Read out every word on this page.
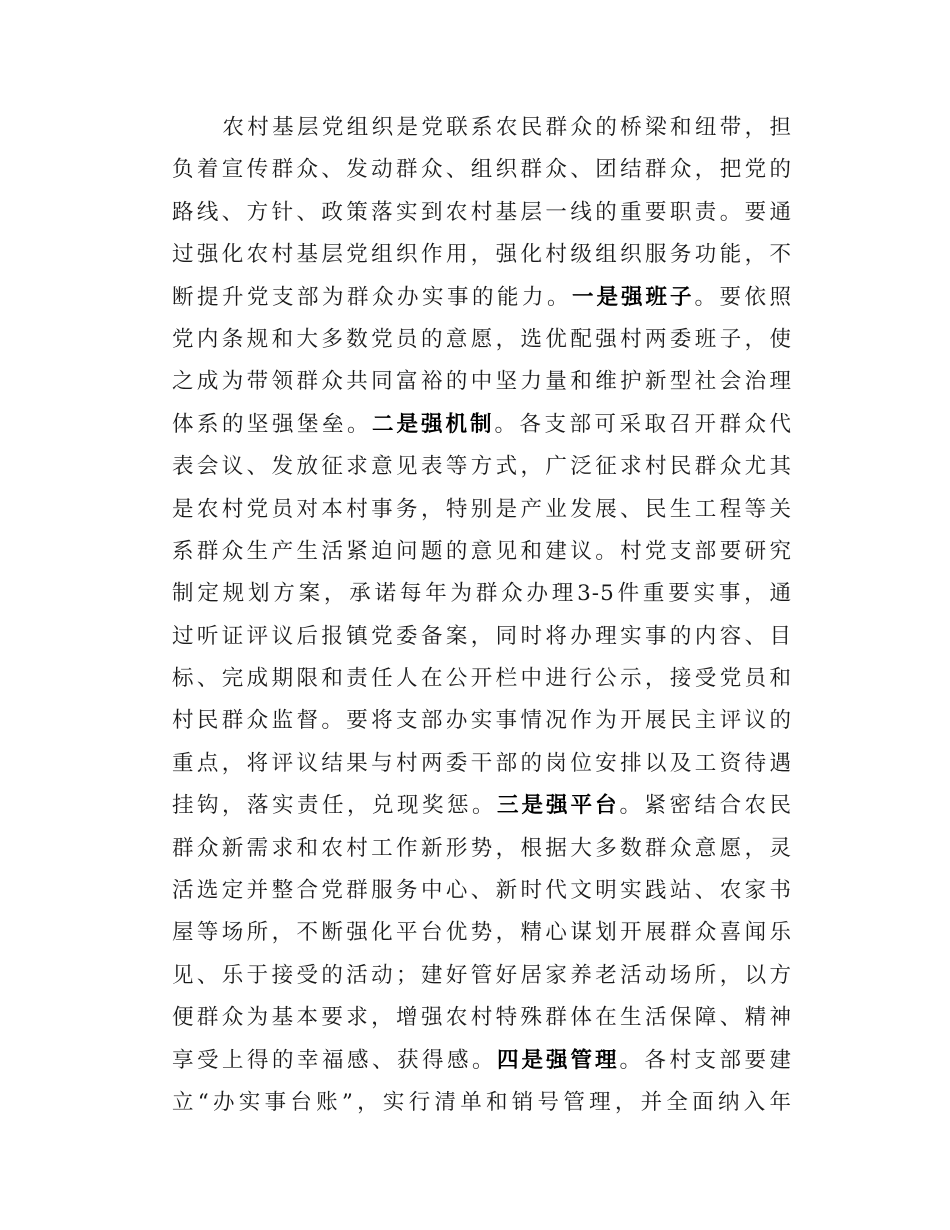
农村基层党组织是党联系农民群众的桥梁和纽带，担
负着宣传群众、发动群众、组织群众、团结群众，把党的
路线、方针、政策落实到农村基层一线的重要职责。要通
过强化农村基层党组织作用，强化村级组织服务功能，不
断提升党支部为群众办实事的能力。一是强班子。要依照
党内条规和大多数党员的意愿，选优配强村两委班子，使
之成为带领群众共同富裕的中坚力量和维护新型社会治理
体系的坚强堡垒。二是强机制。各支部可采取召开群众代
表会议、发放征求意见表等方式，广泛征求村民群众尤其
是农村党员对本村事务，特别是产业发展、民生工程等关
系群众生产生活紧迫问题的意见和建议。村党支部要研究
制定规划方案，承诺每年为群众办理3-5件重要实事，通
过听证评议后报镇党委备案，同时将办理实事的内容、目
标、完成期限和责任人在公开栏中进行公示，接受党员和
村民群众监督。要将支部办实事情况作为开展民主评议的
重点，将评议结果与村两委干部的岗位安排以及工资待遇
挂钩，落实责任，兑现奖惩。三是强平台。紧密结合农民
群众新需求和农村工作新形势，根据大多数群众意愿，灵
活选定并整合党群服务中心、新时代文明实践站、农家书
屋等场所，不断强化平台优势，精心谋划开展群众喜闻乐
见、乐于接受的活动；建好管好居家养老活动场所，以方
便群众为基本要求，增强农村特殊群体在生活保障、精神
享受上得的幸福感、获得感。四是强管理。各村支部要建
立“办实事台账”，实行清单和销号管理，并全面纳入年
